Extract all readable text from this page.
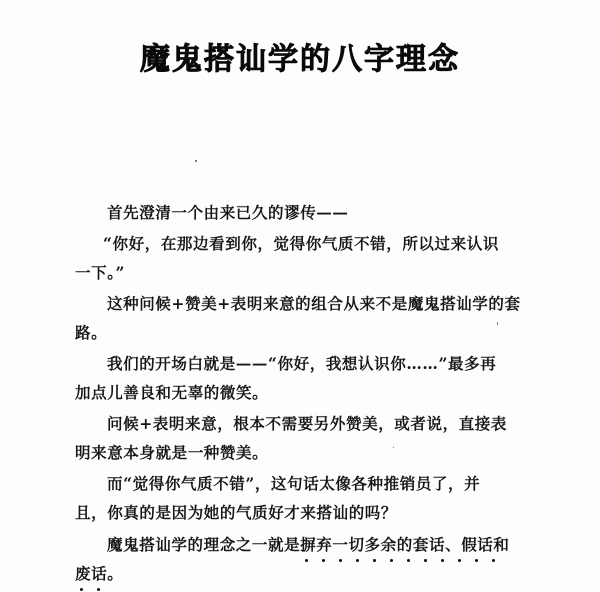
魔鬼搭讪学的八字理念
首先澄清一个由来已久的谬传——
“你好，在那边看到你，觉得你气质不错，所以过来认识
一下。”
这种问候+赞美+表明来意的组合从来不是魔鬼搭讪学的套
路。
我们的开场白就是——“你好，我想认识你……”最多再
加点儿善良和无辜的微笑。
问候+表明来意，根本不需要另外赞美，或者说，直接表
明来意本身就是一种赞美。
而“觉得你气质不错”，这句话太像各种推销员了，并
且，你真的是因为她的气质好才来搭讪的吗？
魔鬼搭讪学的理念之一就是摒弃一切多余的套话、假话和
废话
。
